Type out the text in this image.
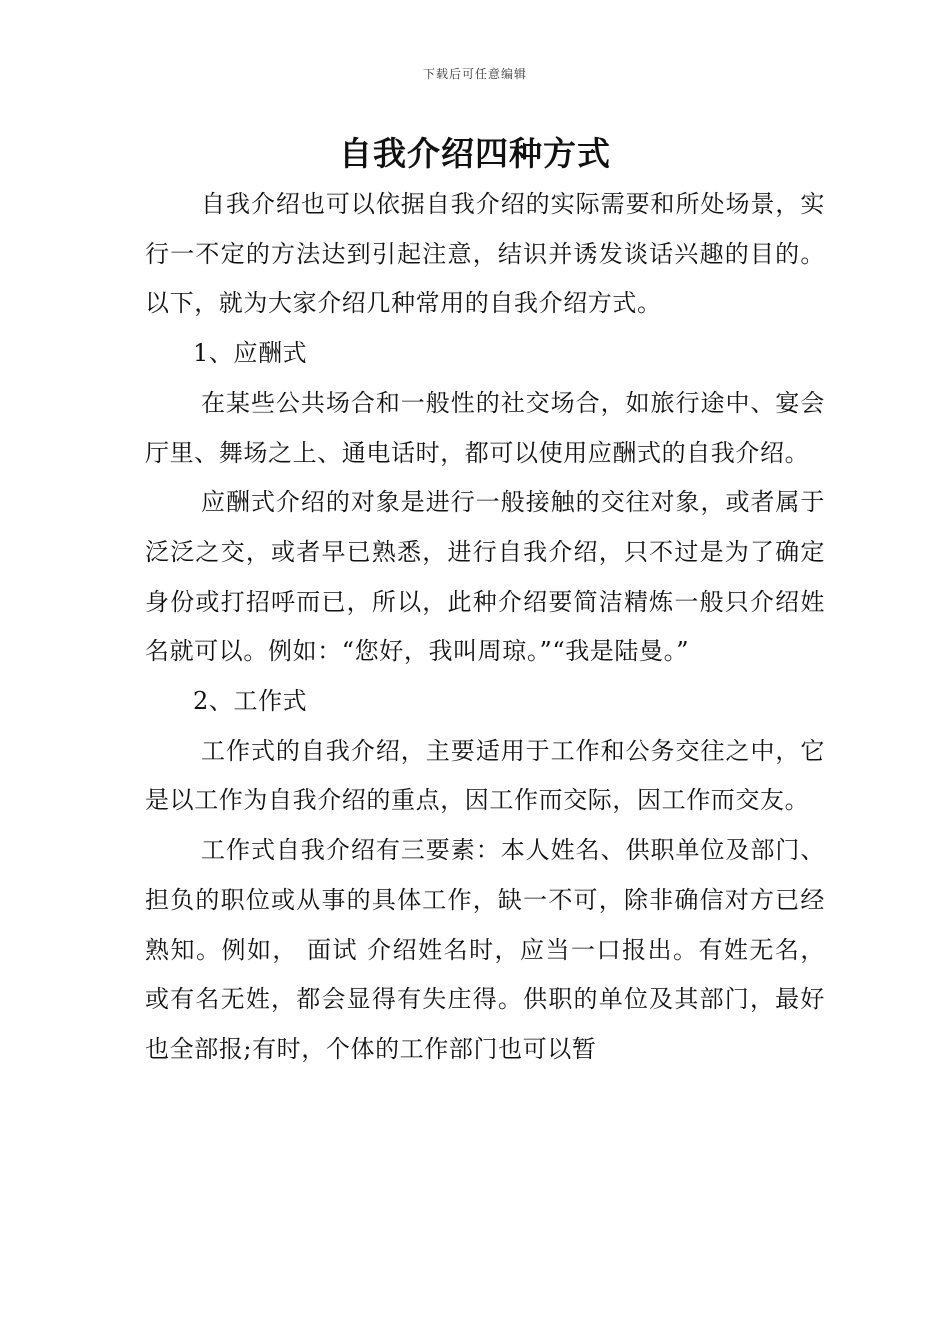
下载后可任意编辑
自我介绍四种方式

自我介绍也可以依据自我介绍的实际需要和所处场景，实行一不定的方法达到引起注意，结识并诱发谈话兴趣的目的。以下，就为大家介绍几种常用的自我介绍方式。

1、应酬式

在某些公共场合和一般性的社交场合，如旅行途中、宴会厅里、舞场之上、通电话时，都可以使用应酬式的自我介绍。

应酬式介绍的对象是进行一般接触的交往对象，或者属于泛泛之交，或者早已熟悉，进行自我介绍，只不过是为了确定身份或打招呼而已，所以，此种介绍要简洁精炼一般只介绍姓名就可以。例如：“您好，我叫周琼。”“我是陆曼。”

2、工作式

工作式的自我介绍，主要适用于工作和公务交往之中，它是以工作为自我介绍的重点，因工作而交际，因工作而交友。

工作式自我介绍有三要素：本人姓名、供职单位及部门、担负的职位或从事的具体工作，缺一不可，除非确信对方已经熟知。例如， 面试 介绍姓名时，应当一口报出。有姓无名，或有名无姓，都会显得有失庄得。供职的单位及其部门，最好也全部报;有时，个体的工作部门也可以暂
